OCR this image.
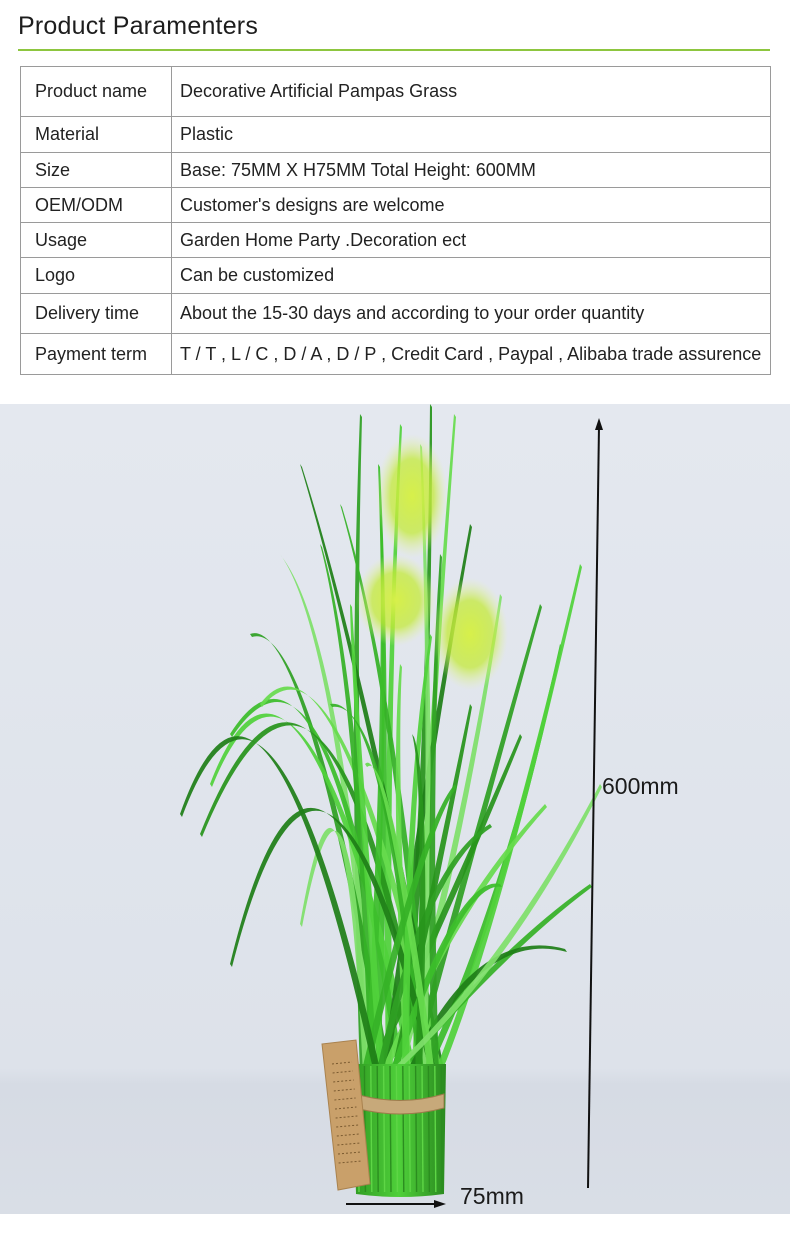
Product Paramenters
Product name	Decorative Artificial Pampas Grass
Material	Plastic
Size	Base: 75MM X H75MM Total Height: 600MM
OEM/ODM	Customer's designs are welcome
Usage	Garden Home Party .Decoration ect
Logo	Can be customized
Delivery time	About the 15-30 days and according to your order quantity
Payment term	T / T , L / C , D / A , D / P , Credit Card , Paypal , Alibaba trade assurence
600mm
75mm
